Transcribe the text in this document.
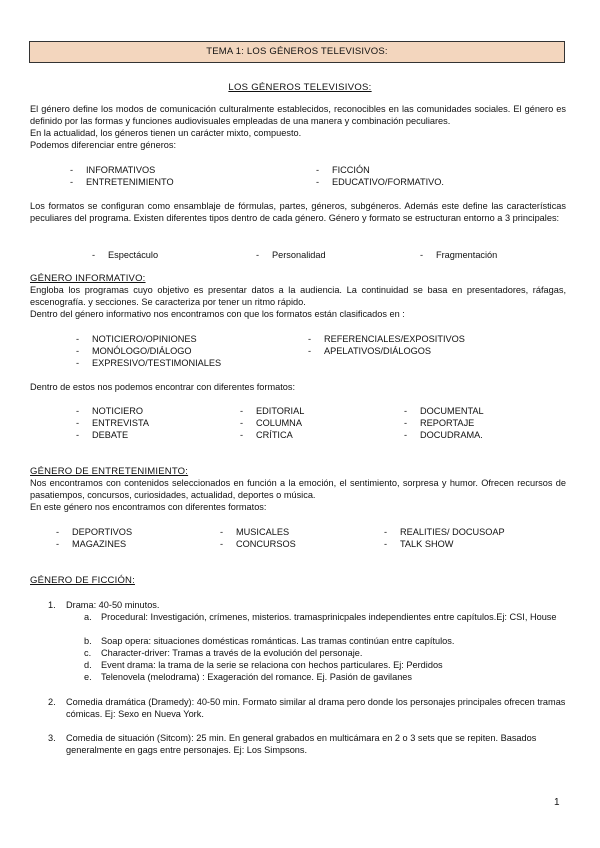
TEMA 1: LOS GÉNEROS TELEVISIVOS:
LOS GÉNEROS TELEVISIVOS:
El género define los modos de comunicación culturalmente establecidos, reconocibles en las comunidades sociales. El género es definido por las formas y funciones audiovisuales empleadas de una manera y combinación peculiares.
En la actualidad, los géneros tienen un carácter mixto, compuesto.
Podemos diferenciar entre géneros:
- INFORMATIVOS
- ENTRETENIMIENTO
- FICCIÓN
- EDUCATIVO/FORMATIVO.
Los formatos se configuran como ensamblaje de fórmulas, partes, géneros, subgéneros. Además este define las características peculiares del programa. Existen diferentes tipos dentro de cada género. Género y formato se estructuran entorno a 3 principales:
- Espectáculo	- Personalidad	- Fragmentación
GÉNERO INFORMATIVO:
Engloba los programas cuyo objetivo es presentar datos a la audiencia. La continuidad se basa en presentadores, ráfagas, escenografía. y secciones. Se caracteriza por tener un ritmo rápido.
Dentro del género informativo nos encontramos con que los formatos están clasificados en :
- NOTICIERO/OPINIONES
- MONÓLOGO/DIÁLOGO
- EXPRESIVO/TESTIMONIALES
- REFERENCIALES/EXPOSITIVOS
- APELATIVOS/DIÁLOGOS
Dentro de estos nos podemos encontrar con diferentes formatos:
- NOTICIERO
- ENTREVISTA
- DEBATE
- EDITORIAL
- COLUMNA
- CRÍTICA
- DOCUMENTAL
- REPORTAJE
- DOCUDRAMA.
GÉNERO DE ENTRETENIMIENTO:
Nos encontramos con contenidos seleccionados en función a la emoción, el sentimiento, sorpresa y humor. Ofrecen recursos de pasatiempos, concursos, curiosidades, actualidad, deportes o música.
En este género nos encontramos con diferentes formatos:
- DEPORTIVOS
- MAGAZINES
- MUSICALES
- CONCURSOS
- REALITIES/ DOCUSOAP
- TALK SHOW
GÉNERO DE FICCIÓN:
1. Drama: 40-50 minutos.
a. Procedural: Investigación, crímenes, misterios. tramasprinicpales independientes entre capítulos.Ej: CSI, House
b. Soap opera: situaciones domésticas románticas. Las tramas continúan entre capítulos.
c. Character-driver: Tramas a través de la evolución del personaje.
d. Event drama: la trama de la serie se relaciona con hechos particulares. Ej: Perdidos
e. Telenovela (melodrama) : Exageración del romance. Ej. Pasión de gavilanes
2. Comedia dramática (Dramedy): 40-50 min. Formato similar al drama pero donde los personajes principales ofrecen tramas cómicas. Ej: Sexo en Nueva York.
3. Comedia de situación (Sitcom): 25 min. En general grabados en multicámara en 2 o 3 sets que se repiten. Basados generalmente en gags entre personajes. Ej: Los Simpsons.
1
